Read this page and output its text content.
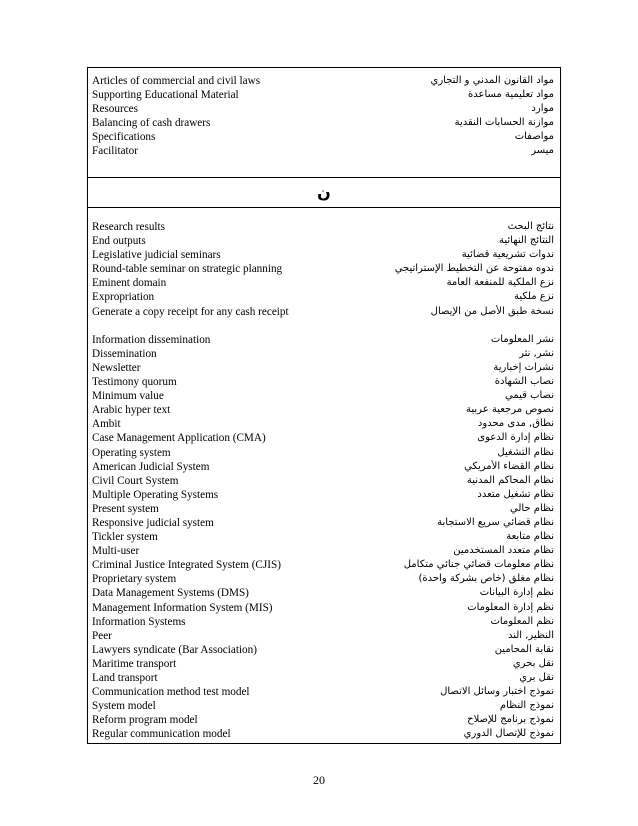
Articles of commercial and civil laws
Supporting Educational Material
Resources
Balancing of cash drawers
Specifications
Facilitator
مواد القانون المدني و التجاري
مواد تعليمية مساعدة
موارد
موازنة الحسابات النقدية
مواصفات
ميسر
ن
Research results
End outputs
Legislative judicial seminars
Round-table seminar on strategic planning
Eminent domain
Expropriation
Generate a copy receipt for any cash receipt
Information dissemination
Dissemination
Newsletter
Testimony quorum
Minimum value
Arabic hyper text
Ambit
Case Management Application (CMA)
Operating system
American Judicial System
Civil Court System
Multiple Operating Systems
Present system
Responsive judicial system
Tickler system
Multi-user
Criminal Justice Integrated System (CJIS)
Proprietary system
Data Management Systems (DMS)
Management Information System (MIS)
Information Systems
Peer
Lawyers syndicate (Bar Association)
Maritime transport
Land transport
Communication method test model
System model
Reform program model
Regular communication model
نتائج البحث
النتائج النهائية
ندوات تشريعية قضائية
ندوه مفتوحة عن التخطيط الإستراتيجي
نزع الملكية للمنفعة العامة
نزع ملكية
نسخة طبق الأصل من الإيصال
نشر المعلومات
نشر, نثر
نشرات إخبارية
نصاب الشهادة
نصاب قيمي
نصوص مرجعية عربية
نطاق, مدى محدود
نظام إدارة الدعوى
نظام التشغيل
نظام القضاء الأمريكي
نظام المحاكم المدنية
نظام تشغيل متعدد
نظام حالي
نظام قضائي سريع الاستجابة
نظام متابعة
نظام متعدد المستخدمين
نظام معلومات قضائي جنائي متكامل
نظام مغلق (خاص بشركة واحدة)
نظم إدارة البيانات
نظم إدارة المعلومات
نظم المعلومات
النظير, الند
نقابة المحامين
نقل بحري
نقل بري
نموذج اختبار وسائل الاتصال
نموذج النظام
نموذج برنامج للإصلاح
نموذج للإتصال الدوري
20
